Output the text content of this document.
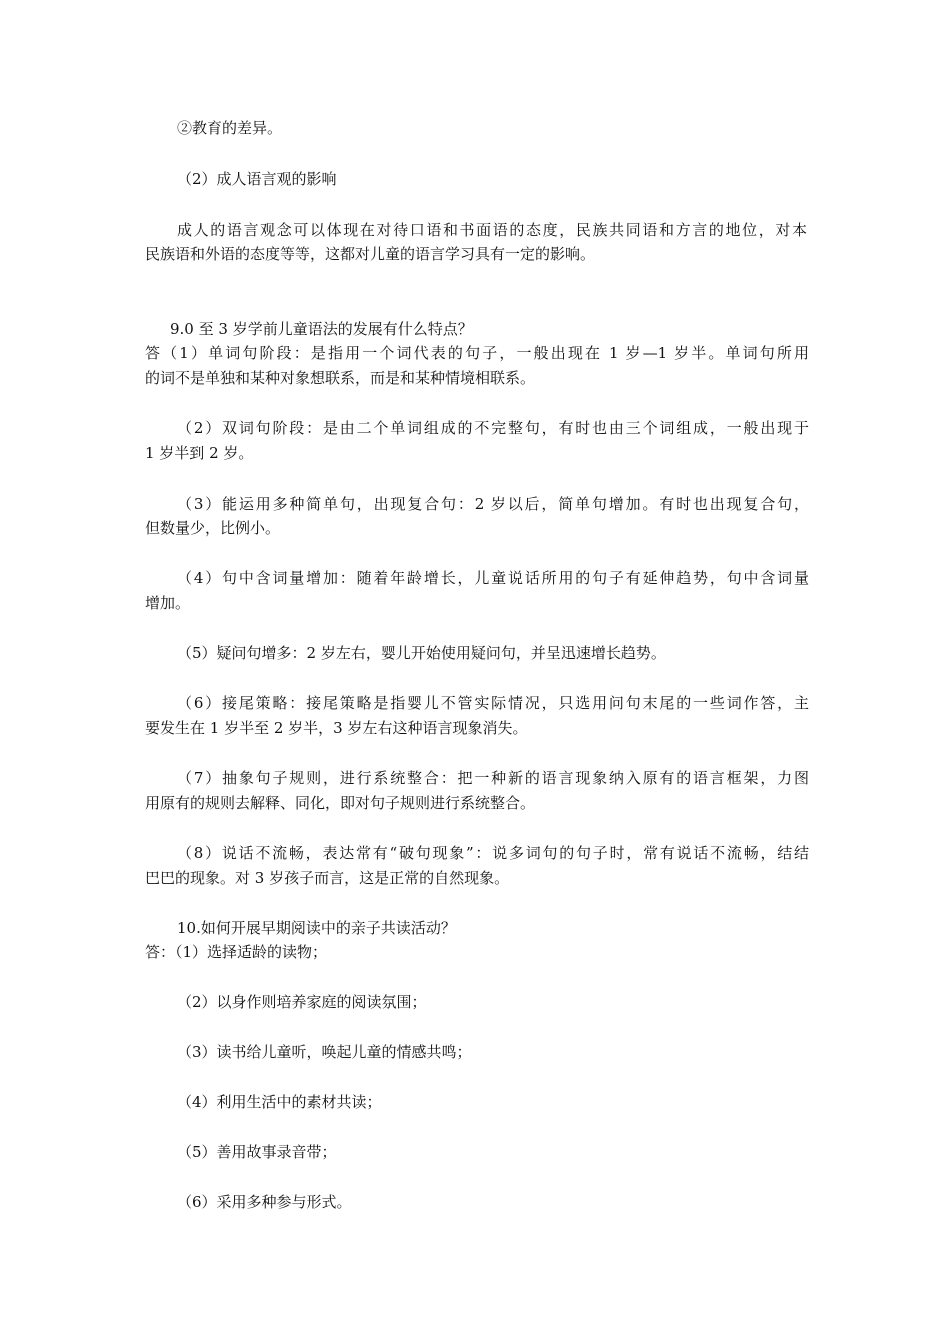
②教育的差异。
（2）成人语言观的影响
成人的语言观念可以体现在对待口语和书面语的态度，民族共同语和方言的地位，对本
民族语和外语的态度等等，这都对儿童的语言学习具有一定的影响。
9.0 至 3 岁学前儿童语法的发展有什么特点？
答（1）单词句阶段：是指用一个词代表的句子，一般出现在 1 岁—1 岁半。单词句所用
的词不是单独和某种对象想联系，而是和某种情境相联系。
（2）双词句阶段：是由二个单词组成的不完整句，有时也由三个词组成，一般出现于
1 岁半到 2 岁。
（3）能运用多种简单句，出现复合句：2 岁以后，简单句增加。有时也出现复合句，
但数量少，比例小。
（4）句中含词量增加：随着年龄增长，儿童说话所用的句子有延伸趋势，句中含词量
增加。
（5）疑问句增多：2 岁左右，婴儿开始使用疑问句，并呈迅速增长趋势。
（6）接尾策略：接尾策略是指婴儿不管实际情况，只选用问句末尾的一些词作答，主
要发生在 1 岁半至 2 岁半，3 岁左右这种语言现象消失。
（7）抽象句子规则，进行系统整合：把一种新的语言现象纳入原有的语言框架，力图
用原有的规则去解释、同化，即对句子规则进行系统整合。
（8）说话不流畅，表达常有“破句现象”：说多词句的句子时，常有说话不流畅，结结
巴巴的现象。对 3 岁孩子而言，这是正常的自然现象。
10.如何开展早期阅读中的亲子共读活动？
答：（1）选择适龄的读物；
（2）以身作则培养家庭的阅读氛围；
（3）读书给儿童听，唤起儿童的情感共鸣；
（4）利用生活中的素材共读；
（5）善用故事录音带；
（6）采用多种参与形式。
